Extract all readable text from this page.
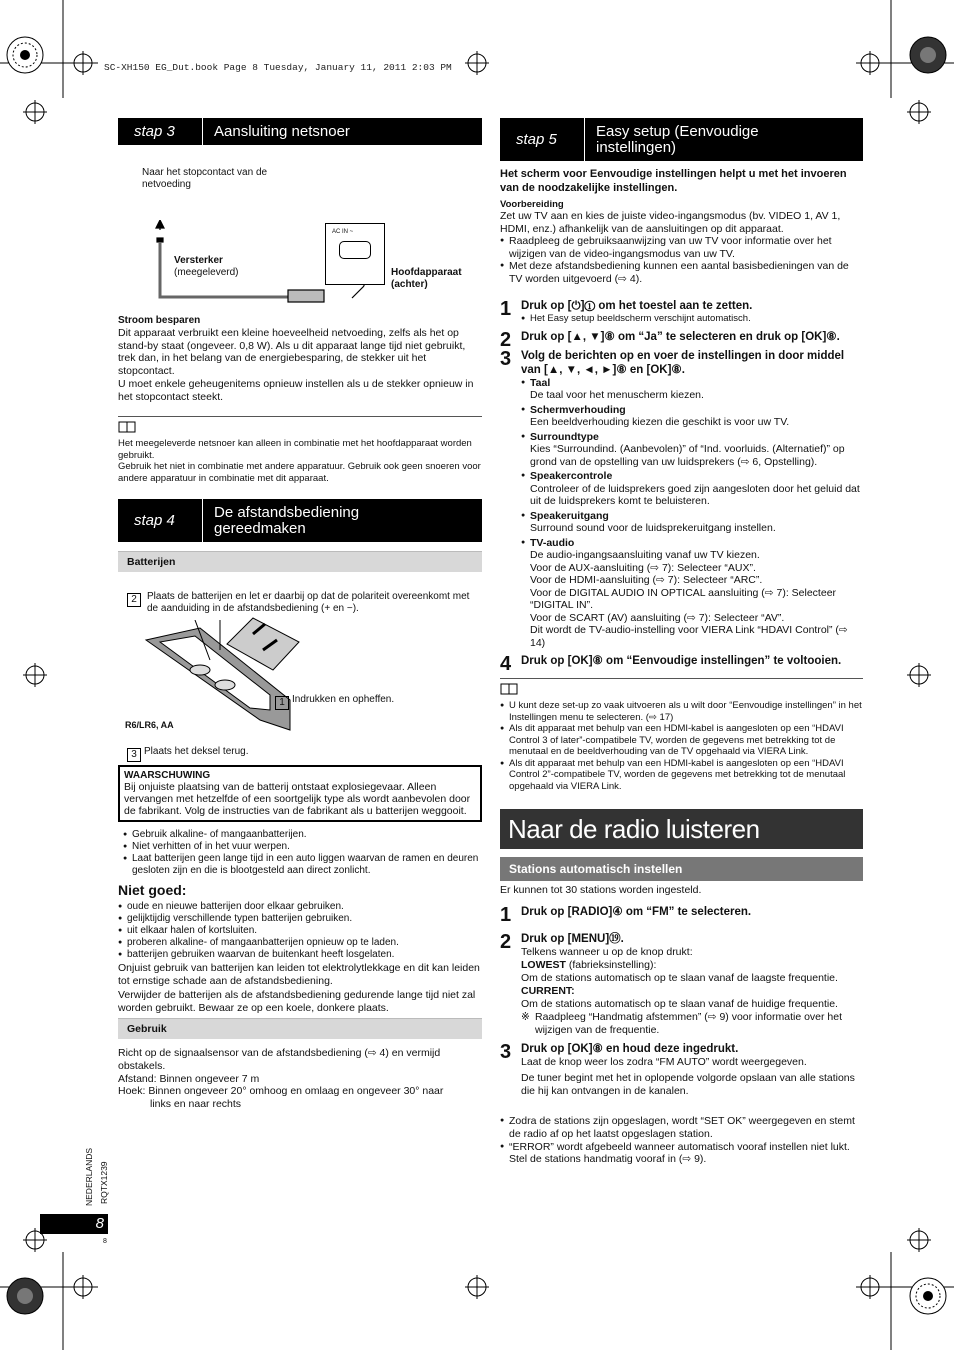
SC-XH150 EG_Dut.book Page 8 Tuesday, January 11, 2011 2:03 PM
stap 3	Aansluiting netsnoer
Naar het stopcontact van de netvoeding
AC IN ~
Versterker
(meegeleverd)	Hoofdapparaat (achter)
Stroom besparen
Dit apparaat verbruikt een kleine hoeveelheid netvoeding, zelfs als het op stand-by staat (ongeveer. 0,8 W). Als u dit apparaat lange tijd niet gebruikt, trek dan, in het belang van de energiebesparing, de stekker uit het stopcontact.
U moet enkele geheugenitems opnieuw instellen als u de stekker opnieuw in het stopcontact steekt.
Het meegeleverde netsnoer kan alleen in combinatie met het hoofdapparaat worden gebruikt.
Gebruik het niet in combinatie met andere apparatuur. Gebruik ook geen snoeren voor andere apparatuur in combinatie met dit apparaat.
stap 4	De afstandsbediening gereedmaken
Batterijen
2	Plaats de batterijen en let er daarbij op dat de polariteit overeenkomt met de aanduiding in de afstandsbediening (+ en −).
1 Indrukken en opheffen.
R6/LR6, AA
3 Plaats het deksel terug.
WAARSCHUWING
Bij onjuiste plaatsing van de batterij ontstaat explosiegevaar. Alleen vervangen met hetzelfde of een soortgelijk type als wordt aanbevolen door de fabrikant. Volg de instructies van de fabrikant als u batterijen weggooit.
● Gebruik alkaline- of mangaanbatterijen.
● Niet verhitten of in het vuur werpen.
● Laat batterijen geen lange tijd in een auto liggen waarvan de ramen en deuren gesloten zijn en die is blootgesteld aan direct zonlicht.
Niet goed:
● oude en nieuwe batterijen door elkaar gebruiken.
● gelijktijdig verschillende typen batterijen gebruiken.
● uit elkaar halen of kortsluiten.
● proberen alkaline- of mangaanbatterijen opnieuw op te laden.
● batterijen gebruiken waarvan de buitenkant heeft losgelaten.
Onjuist gebruik van batterijen kan leiden tot elektrolytlekkage en dit kan leiden tot ernstige schade aan de afstandsbediening.
Verwijder de batterijen als de afstandsbediening gedurende lange tijd niet zal worden gebruikt. Bewaar ze op een koele, donkere plaats.
Gebruik
Richt op de signaalsensor van de afstandsbediening (⇨ 4) en vermijd obstakels.
Afstand: Binnen ongeveer 7 m
Hoek: Binnen ongeveer 20° omhoog en omlaag en ongeveer 30° naar
links en naar rechts
stap 5	Easy setup (Eenvoudige instellingen)
Het scherm voor Eenvoudige instellingen helpt u met het invoeren van de noodzakelijke instellingen.
Voorbereiding
Zet uw TV aan en kies de juiste video-ingangsmodus (bv. VIDEO 1, AV 1, HDMI, enz.) afhankelijk van de aansluitingen op dit apparaat.
● Raadpleeg de gebruiksaanwijzing van uw TV voor informatie over het wijzigen van de video-ingangsmodus van uw TV.
● Met deze afstandsbediening kunnen een aantal basisbedieningen van de TV worden uitgevoerd (⇨ 4).
1 Druk op [⏻]① om het toestel aan te zetten.
● Het Easy setup beeldscherm verschijnt automatisch.
2 Druk op [▲, ▼]⑧ om “Ja” te selecteren en druk op [OK]⑧.
3 Volg de berichten op en voer de instellingen in door middel van [▲, ▼, ◄, ►]⑧ en [OK]⑧.
● Taal
De taal voor het menuscherm kiezen.
● Schermverhouding
Een beeldverhouding kiezen die geschikt is voor uw TV.
● Surroundtype
Kies “Surroundind. (Aanbevolen)” of “Ind. voorluids. (Alternatief)” op grond van de opstelling van uw luidsprekers (⇨ 6, Opstelling).
● Speakercontrole
Controleer of de luidsprekers goed zijn aangesloten door het geluid dat uit de luidsprekers komt te beluisteren.
● Speakeruitgang
Surround sound voor de luidsprekeruitgang instellen.
● TV-audio
De audio-ingangsaansluiting vanaf uw TV kiezen.
Voor de AUX-aansluiting (⇨ 7): Selecteer “AUX”.
Voor de HDMI-aansluiting (⇨ 7): Selecteer “ARC”.
Voor de DIGITAL AUDIO IN OPTICAL aansluiting (⇨ 7): Selecteer “DIGITAL IN”.
Voor de SCART (AV) aansluiting (⇨ 7): Selecteer “AV”.
Dit wordt de TV-audio-instelling voor VIERA Link “HDAVI Control” (⇨ 14)
4 Druk op [OK]⑧ om “Eenvoudige instellingen” te voltooien.
● U kunt deze set-up zo vaak uitvoeren als u wilt door “Eenvoudige instellingen” in het Instellingen menu te selecteren. (⇨ 17)
● Als dit apparaat met behulp van een HDMI-kabel is aangesloten op een “HDAVI Control 3 of later”-compatibele TV, worden de gegevens met betrekking tot de menutaal en de beeldverhouding van de TV opgehaald via VIERA Link.
● Als dit apparaat met behulp van een HDMI-kabel is aangesloten op een “HDAVI Control 2”-compatibele TV, worden de gegevens met betrekking tot de menutaal opgehaald via VIERA Link.
Naar de radio luisteren
Stations automatisch instellen
Er kunnen tot 30 stations worden ingesteld.
1 Druk op [RADIO]④ om “FM” te selecteren.
2 Druk op [MENU]⑲.
Telkens wanneer u op de knop drukt:
LOWEST (fabrieksinstelling):
Om de stations automatisch op te slaan vanaf de laagste frequentie.
CURRENT:
Om de stations automatisch op te slaan vanaf de huidige frequentie.
※ Raadpleeg “Handmatig afstemmen” (⇨ 9) voor informatie over het wijzigen van de frequentie.
3 Druk op [OK]⑧ en houd deze ingedrukt.
Laat de knop weer los zodra “FM AUTO” wordt weergegeven.
De tuner begint met het in oplopende volgorde opslaan van alle stations die hij kan ontvangen in de kanalen.
● Zodra de stations zijn opgeslagen, wordt “SET OK” weergegeven en stemt de radio af op het laatst opgeslagen station.
● “ERROR” wordt afgebeeld wanneer automatisch vooraf instellen niet lukt. Stel de stations handmatig vooraf in (⇨ 9).
NEDERLANDS RQTX1239
8
8
